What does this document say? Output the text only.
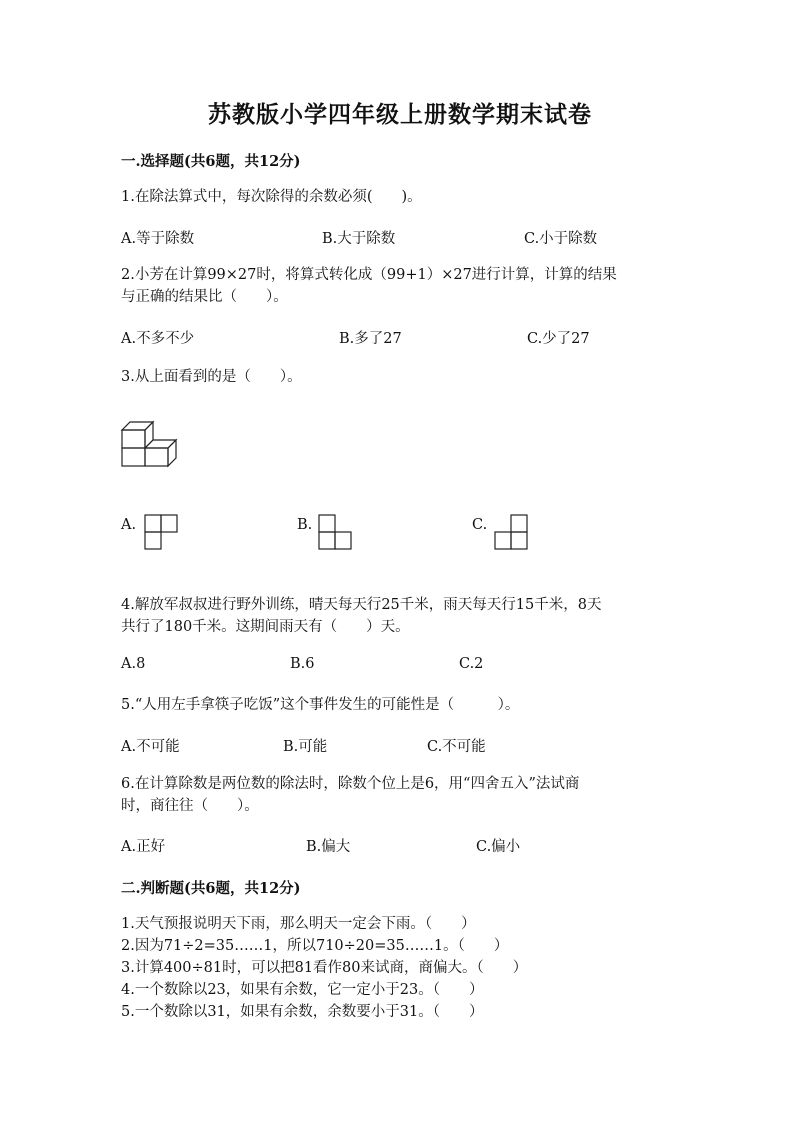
苏教版小学四年级上册数学期末试卷
一.选择题(共6题，共12分)
1.在除法算式中，每次除得的余数必须(　　)。
A.等于除数	B.大于除数	C.小于除数
2.小芳在计算99×27时，将算式转化成（99+1）×27进行计算，计算的结果
与正确的结果比（　　）。
A.不多不少	B.多了27	C.少了27
3.从上面看到的是（　　）。
A.	B.	C.
4.解放军叔叔进行野外训练，晴天每天行25千米，雨天每天行15千米，8天
共行了180千米。这期间雨天有（　　）天。
A.8	B.6	C.2
5.“人用左手拿筷子吃饭”这个事件发生的可能性是（　　　）。
A.不可能	B.可能	C.不可能
6.在计算除数是两位数的除法时，除数个位上是6，用“四舍五入”法试商
时，商往往（　　）。
A.正好	B.偏大	C.偏小
二.判断题(共6题，共12分)
1.天气预报说明天下雨，那么明天一定会下雨。（　　）
2.因为71÷2=35……1，所以710÷20=35……1。（　　）
3.计算400÷81时，可以把81看作80来试商，商偏大。（　　）
4.一个数除以23，如果有余数，它一定小于23。（　　）
5.一个数除以31，如果有余数，余数要小于31。（　　）
